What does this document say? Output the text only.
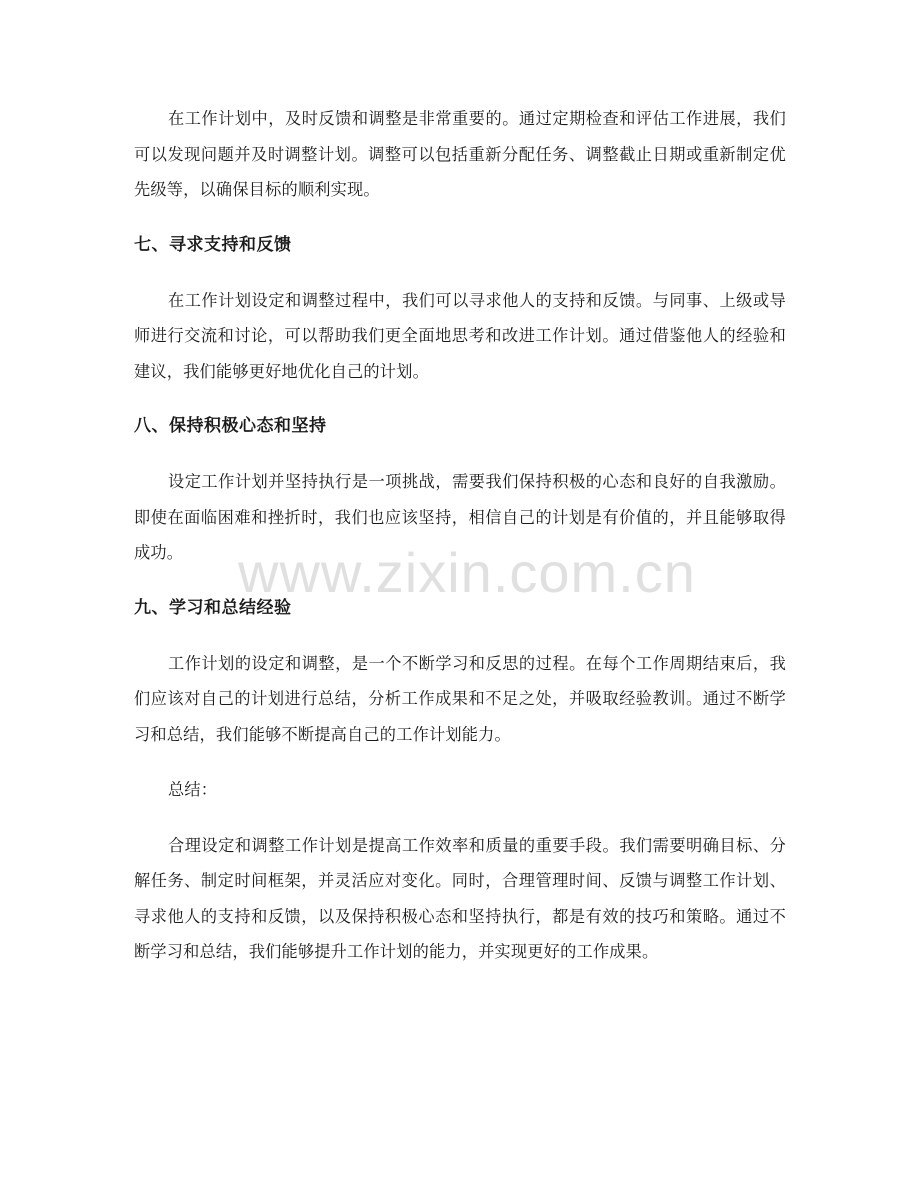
www.zixin.com.cn

在工作计划中，及时反馈和调整是非常重要的。通过定期检查和评估工作进展，我们可以发现问题并及时调整计划。调整可以包括重新分配任务、调整截止日期或重新制定优先级等，以确保目标的顺利实现。

七、寻求支持和反馈

在工作计划设定和调整过程中，我们可以寻求他人的支持和反馈。与同事、上级或导师进行交流和讨论，可以帮助我们更全面地思考和改进工作计划。通过借鉴他人的经验和建议，我们能够更好地优化自己的计划。

八、保持积极心态和坚持

设定工作计划并坚持执行是一项挑战，需要我们保持积极的心态和良好的自我激励。即使在面临困难和挫折时，我们也应该坚持，相信自己的计划是有价值的，并且能够取得成功。

九、学习和总结经验

工作计划的设定和调整，是一个不断学习和反思的过程。在每个工作周期结束后，我们应该对自己的计划进行总结，分析工作成果和不足之处，并吸取经验教训。通过不断学习和总结，我们能够不断提高自己的工作计划能力。

总结：

合理设定和调整工作计划是提高工作效率和质量的重要手段。我们需要明确目标、分解任务、制定时间框架，并灵活应对变化。同时，合理管理时间、反馈与调整工作计划、寻求他人的支持和反馈，以及保持积极心态和坚持执行，都是有效的技巧和策略。通过不断学习和总结，我们能够提升工作计划的能力，并实现更好的工作成果。
